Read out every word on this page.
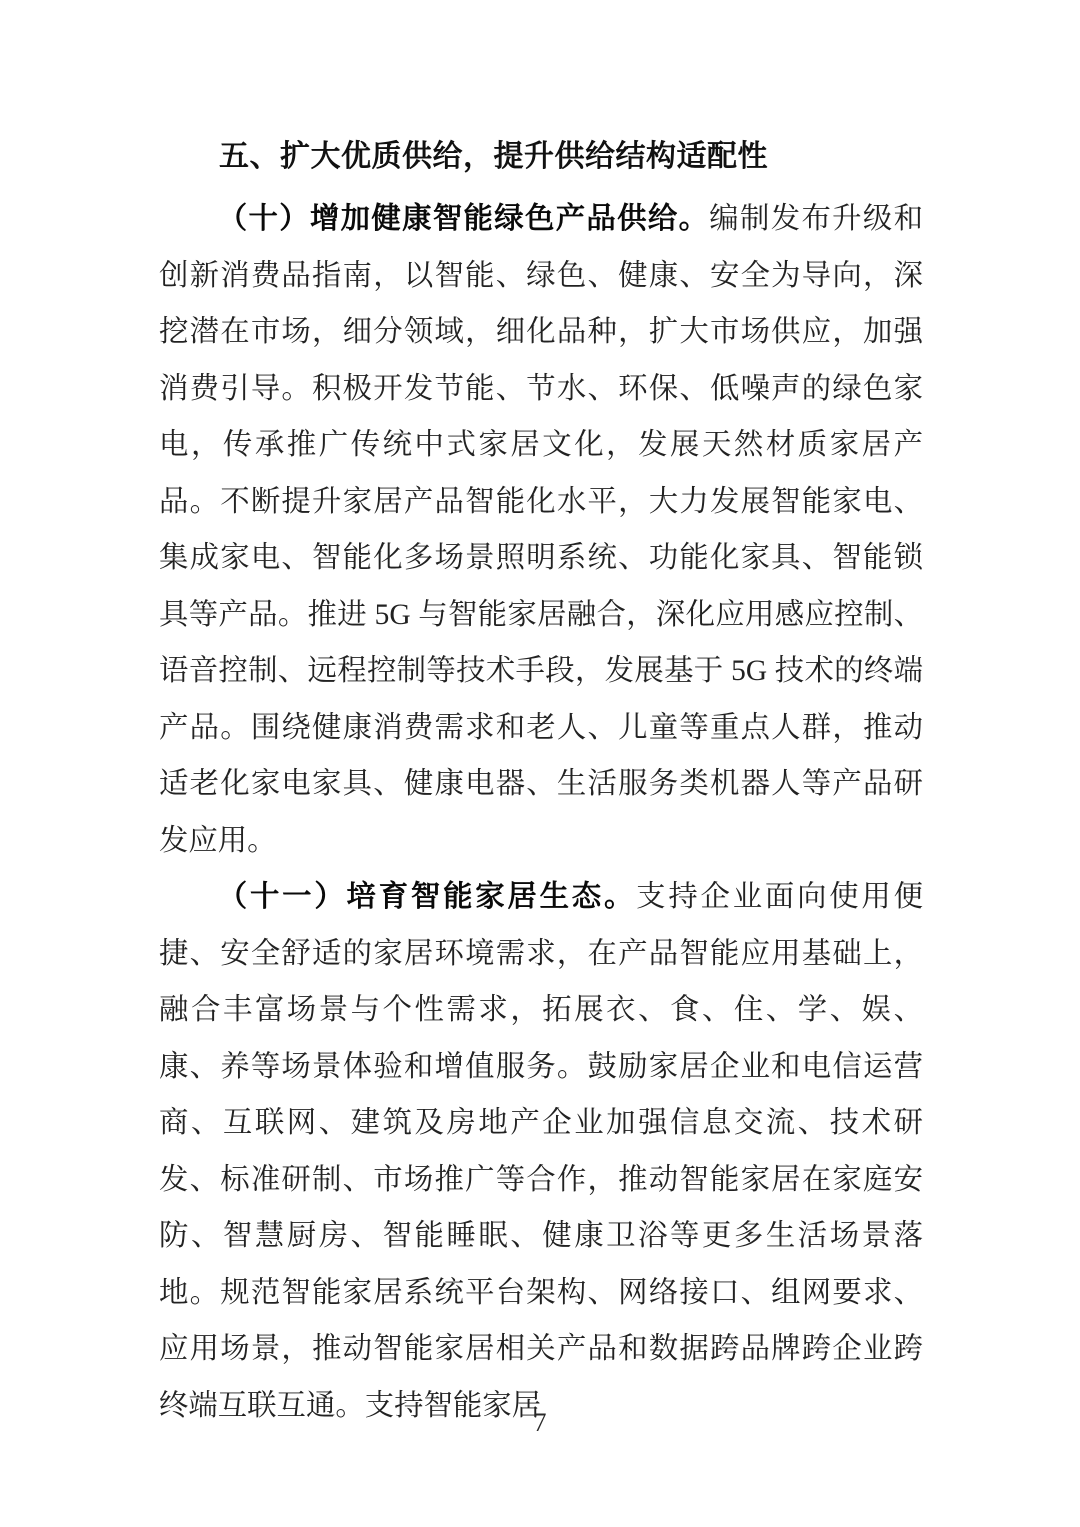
五、扩大优质供给，提升供给结构适配性

（十）增加健康智能绿色产品供给。编制发布升级和创新消费品指南，以智能、绿色、健康、安全为导向，深挖潜在市场，细分领域，细化品种，扩大市场供应，加强消费引导。积极开发节能、节水、环保、低噪声的绿色家电，传承推广传统中式家居文化，发展天然材质家居产品。不断提升家居产品智能化水平，大力发展智能家电、集成家电、智能化多场景照明系统、功能化家具、智能锁具等产品。推进 5G 与智能家居融合，深化应用感应控制、语音控制、远程控制等技术手段，发展基于 5G 技术的终端产品。围绕健康消费需求和老人、儿童等重点人群，推动适老化家电家具、健康电器、生活服务类机器人等产品研发应用。

（十一）培育智能家居生态。支持企业面向使用便捷、安全舒适的家居环境需求，在产品智能应用基础上，融合丰富场景与个性需求，拓展衣、食、住、学、娱、康、养等场景体验和增值服务。鼓励家居企业和电信运营商、互联网、建筑及房地产企业加强信息交流、技术研发、标准研制、市场推广等合作，推动智能家居在家庭安防、智慧厨房、智能睡眠、健康卫浴等更多生活场景落地。规范智能家居系统平台架构、网络接口、组网要求、应用场景，推动智能家居相关产品和数据跨品牌跨企业跨终端互联互通。支持智能家居

7
